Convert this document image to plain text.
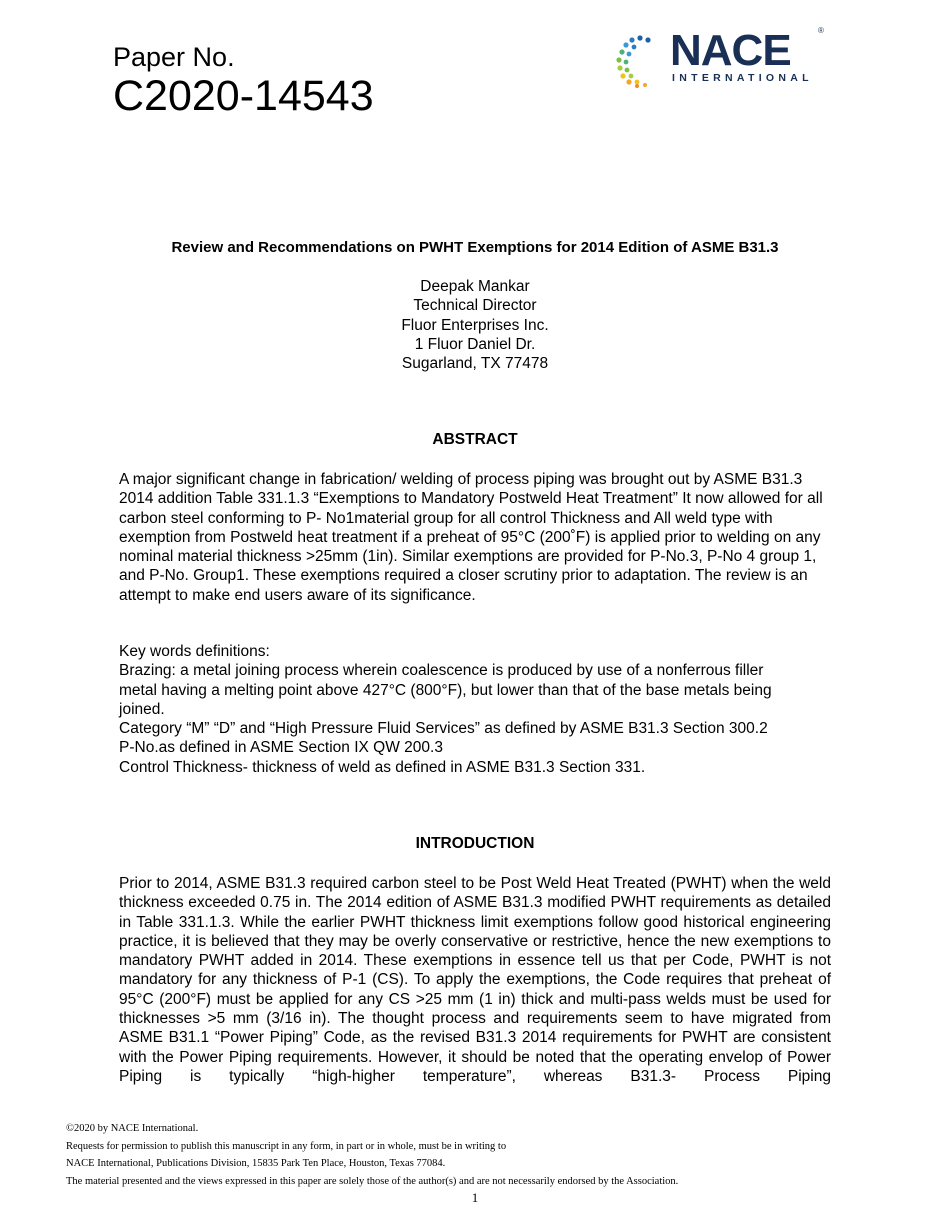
Paper No.
C2020-14543
NACE
INTERNATIONAL
®
Review and Recommendations on PWHT Exemptions for 2014 Edition of ASME B31.3
Deepak Mankar
Technical Director
Fluor Enterprises Inc.
1 Fluor Daniel Dr.
Sugarland, TX 77478
ABSTRACT
A major significant change in fabrication/ welding of process piping was brought out by ASME B31.3 2014 addition Table 331.1.3 “Exemptions to Mandatory Postweld Heat Treatment” It now allowed for all carbon steel conforming to P- No1material group for all control Thickness and All weld type with exemption from Postweld heat treatment if a preheat of 95°C (200˚F) is applied prior to welding on any nominal material thickness >25mm (1in). Similar exemptions are provided for P-No.3, P-No 4 group 1, and P-No. Group1. These exemptions required a closer scrutiny prior to adaptation. The review is an attempt to make end users aware of its significance.
Key words definitions:
Brazing: a metal joining process wherein coalescence is produced by use of a nonferrous filler
metal having a melting point above 427°C (800°F), but lower than that of the base metals being
joined.
Category “M” “D” and “High Pressure Fluid Services” as defined by ASME B31.3 Section 300.2
P-No.as defined in ASME Section IX QW 200.3
Control Thickness- thickness of weld as defined in ASME B31.3 Section 331.
INTRODUCTION
Prior to 2014, ASME B31.3 required carbon steel to be Post Weld Heat Treated (PWHT) when the weld thickness exceeded 0.75 in. The 2014 edition of ASME B31.3 modified PWHT requirements as detailed in Table 331.1.3. While the earlier PWHT thickness limit exemptions follow good historical engineering practice, it is believed that they may be overly conservative or restrictive, hence the new exemptions to mandatory PWHT added in 2014. These exemptions in essence tell us that per Code, PWHT is not mandatory for any thickness of P-1 (CS). To apply the exemptions, the Code requires that preheat of 95°C (200°F) must be applied for any CS >25 mm (1 in) thick and multi-pass welds must be used for thicknesses >5 mm (3/16 in). The thought process and requirements seem to have migrated from ASME B31.1 “Power Piping” Code, as the revised B31.3 2014 requirements for PWHT are consistent with the Power Piping requirements. However, it should be noted that the operating envelop of Power Piping is typically “high-higher temperature”, whereas B31.3- Process Piping
©2020 by NACE International.
Requests for permission to publish this manuscript in any form, in part or in whole, must be in writing to
NACE International, Publications Division, 15835 Park Ten Place, Houston, Texas 77084.
The material presented and the views expressed in this paper are solely those of the author(s) and are not necessarily endorsed by the Association.
1
